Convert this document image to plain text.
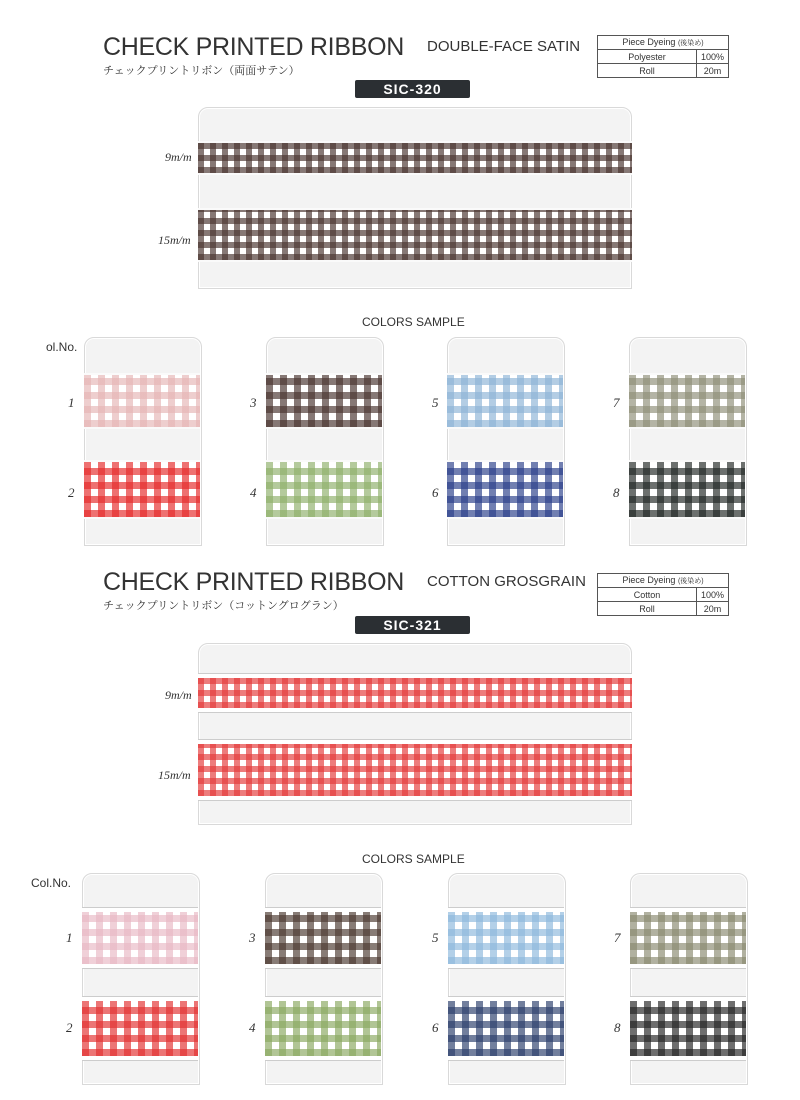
CHECK PRINTED RIBBON DOUBLE-FACE SATIN
チェックプリントリボン（両面サテン）
SIC-320
Piece Dyeing (後染め)	
Polyester	100%
Roll	20m
9m/m
15m/m
COLORS SAMPLE
ol.No.
1
2
3
4
5
6
7
8
CHECK PRINTED RIBBON COTTON GROSGRAIN
チェックプリントリボン（コットングログラン）
SIC-321
Piece Dyeing (後染め)	
Cotton	100%
Roll	20m
9m/m
15m/m
COLORS SAMPLE
Col.No.
1
2
3
4
5
6
7
8
